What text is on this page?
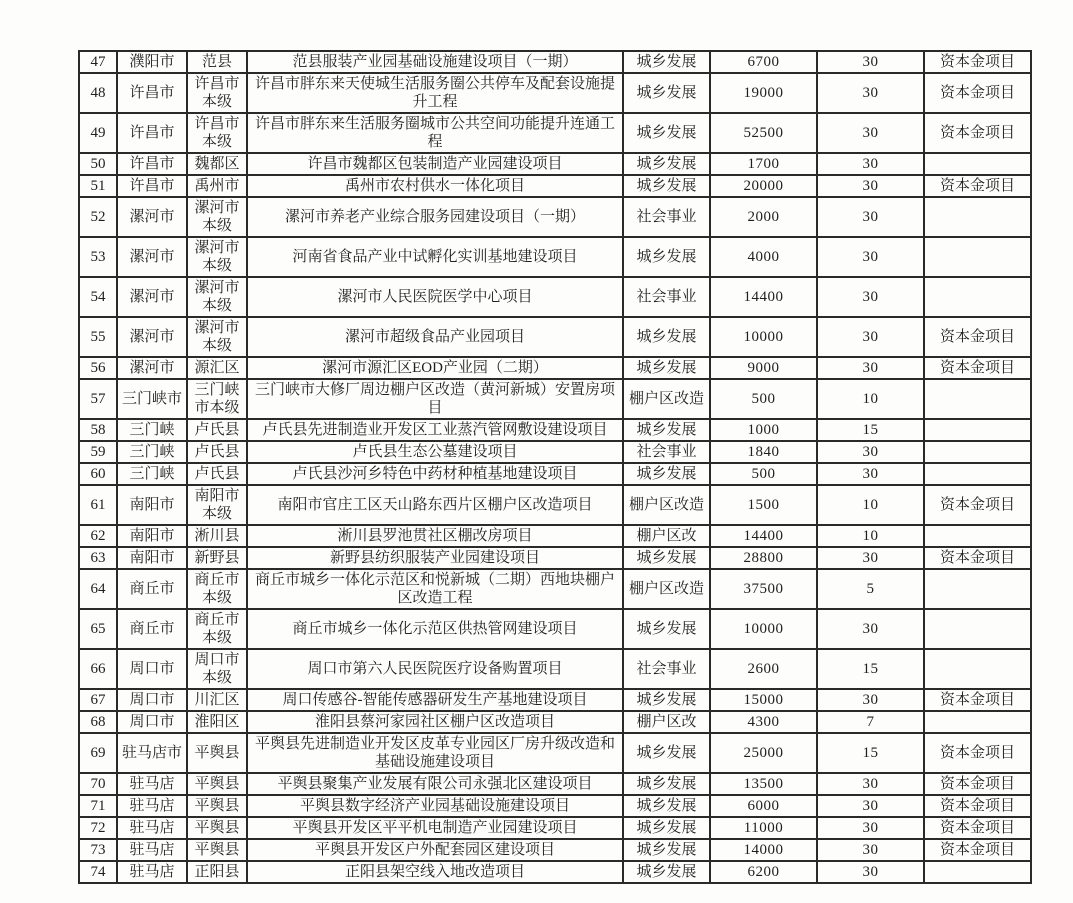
47	濮阳市	范县	范县服装产业园基础设施建设项目（一期）	城乡发展	6700	30	资本金项目
48	许昌市	许昌市本级	许昌市胖东来天使城生活服务圈公共停车及配套设施提升工程	城乡发展	19000	30	资本金项目
49	许昌市	许昌市本级	许昌市胖东来生活服务圈城市公共空间功能提升连通工程	城乡发展	52500	30	资本金项目
50	许昌市	魏都区	许昌市魏都区包装制造产业园建设项目	城乡发展	1700	30	
51	许昌市	禹州市	禹州市农村供水一体化项目	城乡发展	20000	30	资本金项目
52	漯河市	漯河市本级	漯河市养老产业综合服务园建设项目（一期）	社会事业	2000	30	
53	漯河市	漯河市本级	河南省食品产业中试孵化实训基地建设项目	城乡发展	4000	30	
54	漯河市	漯河市本级	漯河市人民医院医学中心项目	社会事业	14400	30	
55	漯河市	漯河市本级	漯河市超级食品产业园项目	城乡发展	10000	30	资本金项目
56	漯河市	源汇区	漯河市源汇区EOD产业园（二期）	城乡发展	9000	30	资本金项目
57	三门峡市	三门峡市本级	三门峡市大修厂周边棚户区改造（黄河新城）安置房项目	棚户区改造	500	10	
58	三门峡	卢氏县	卢氏县先进制造业开发区工业蒸汽管网敷设建设项目	城乡发展	1000	15	
59	三门峡	卢氏县	卢氏县生态公墓建设项目	社会事业	1840	30	
60	三门峡	卢氏县	卢氏县沙河乡特色中药材种植基地建设项目	城乡发展	500	30	
61	南阳市	南阳市本级	南阳市官庄工区天山路东西片区棚户区改造项目	棚户区改造	1500	10	资本金项目
62	南阳市	淅川县	淅川县罗池贯社区棚改房项目	棚户区改	14400	10	
63	南阳市	新野县	新野县纺织服装产业园建设项目	城乡发展	28800	30	资本金项目
64	商丘市	商丘市本级	商丘市城乡一体化示范区和悦新城（二期）西地块棚户区改造工程	棚户区改造	37500	5	
65	商丘市	商丘市本级	商丘市城乡一体化示范区供热管网建设项目	城乡发展	10000	30	
66	周口市	周口市本级	周口市第六人民医院医疗设备购置项目	社会事业	2600	15	
67	周口市	川汇区	周口传感谷-智能传感器研发生产基地建设项目	城乡发展	15000	30	资本金项目
68	周口市	淮阳区	淮阳县蔡河家园社区棚户区改造项目	棚户区改	4300	7	
69	驻马店市	平舆县	平舆县先进制造业开发区皮革专业园区厂房升级改造和基础设施建设项目	城乡发展	25000	15	资本金项目
70	驻马店	平舆县	平舆县聚集产业发展有限公司永强北区建设项目	城乡发展	13500	30	资本金项目
71	驻马店	平舆县	平舆县数字经济产业园基础设施建设项目	城乡发展	6000	30	资本金项目
72	驻马店	平舆县	平舆县开发区平平机电制造产业园建设项目	城乡发展	11000	30	资本金项目
73	驻马店	平舆县	平舆县开发区户外配套园区建设项目	城乡发展	14000	30	资本金项目
74	驻马店	正阳县	正阳县架空线入地改造项目	城乡发展	6200	30	
